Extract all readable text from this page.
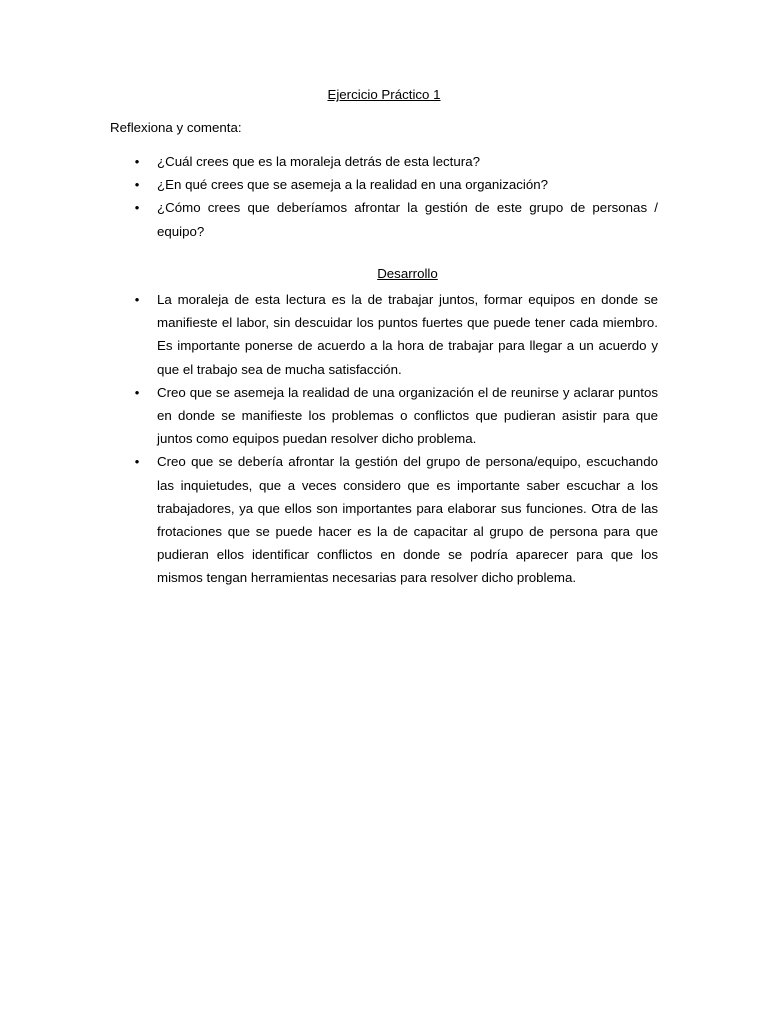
Ejercicio Práctico 1

Reflexiona y comenta:

•	¿Cuál crees que es la moraleja detrás de esta lectura?
•	¿En qué crees que se asemeja a la realidad en una organización?
•	¿Cómo crees que deberíamos afrontar la gestión de este grupo de personas / equipo?
Desarrollo
•	La moraleja de esta lectura es la de trabajar juntos, formar equipos en donde se manifieste el labor, sin descuidar los puntos fuertes que puede tener cada miembro. Es importante ponerse de acuerdo a la hora de trabajar para llegar a un acuerdo y que el trabajo sea de mucha satisfacción.
•	Creo que se asemeja la realidad de una organización el de reunirse y aclarar puntos en donde se manifieste los problemas o conflictos que pudieran asistir para que juntos como equipos puedan resolver dicho problema.
•	Creo que se debería afrontar la gestión del grupo de persona/equipo, escuchando las inquietudes, que a veces considero que es importante saber escuchar a los trabajadores, ya que ellos son importantes para elaborar sus funciones. Otra de las frotaciones que se puede hacer es la de capacitar al grupo de persona para que pudieran ellos identificar conflictos en donde se podría aparecer para que los mismos tengan herramientas necesarias para resolver dicho problema.
